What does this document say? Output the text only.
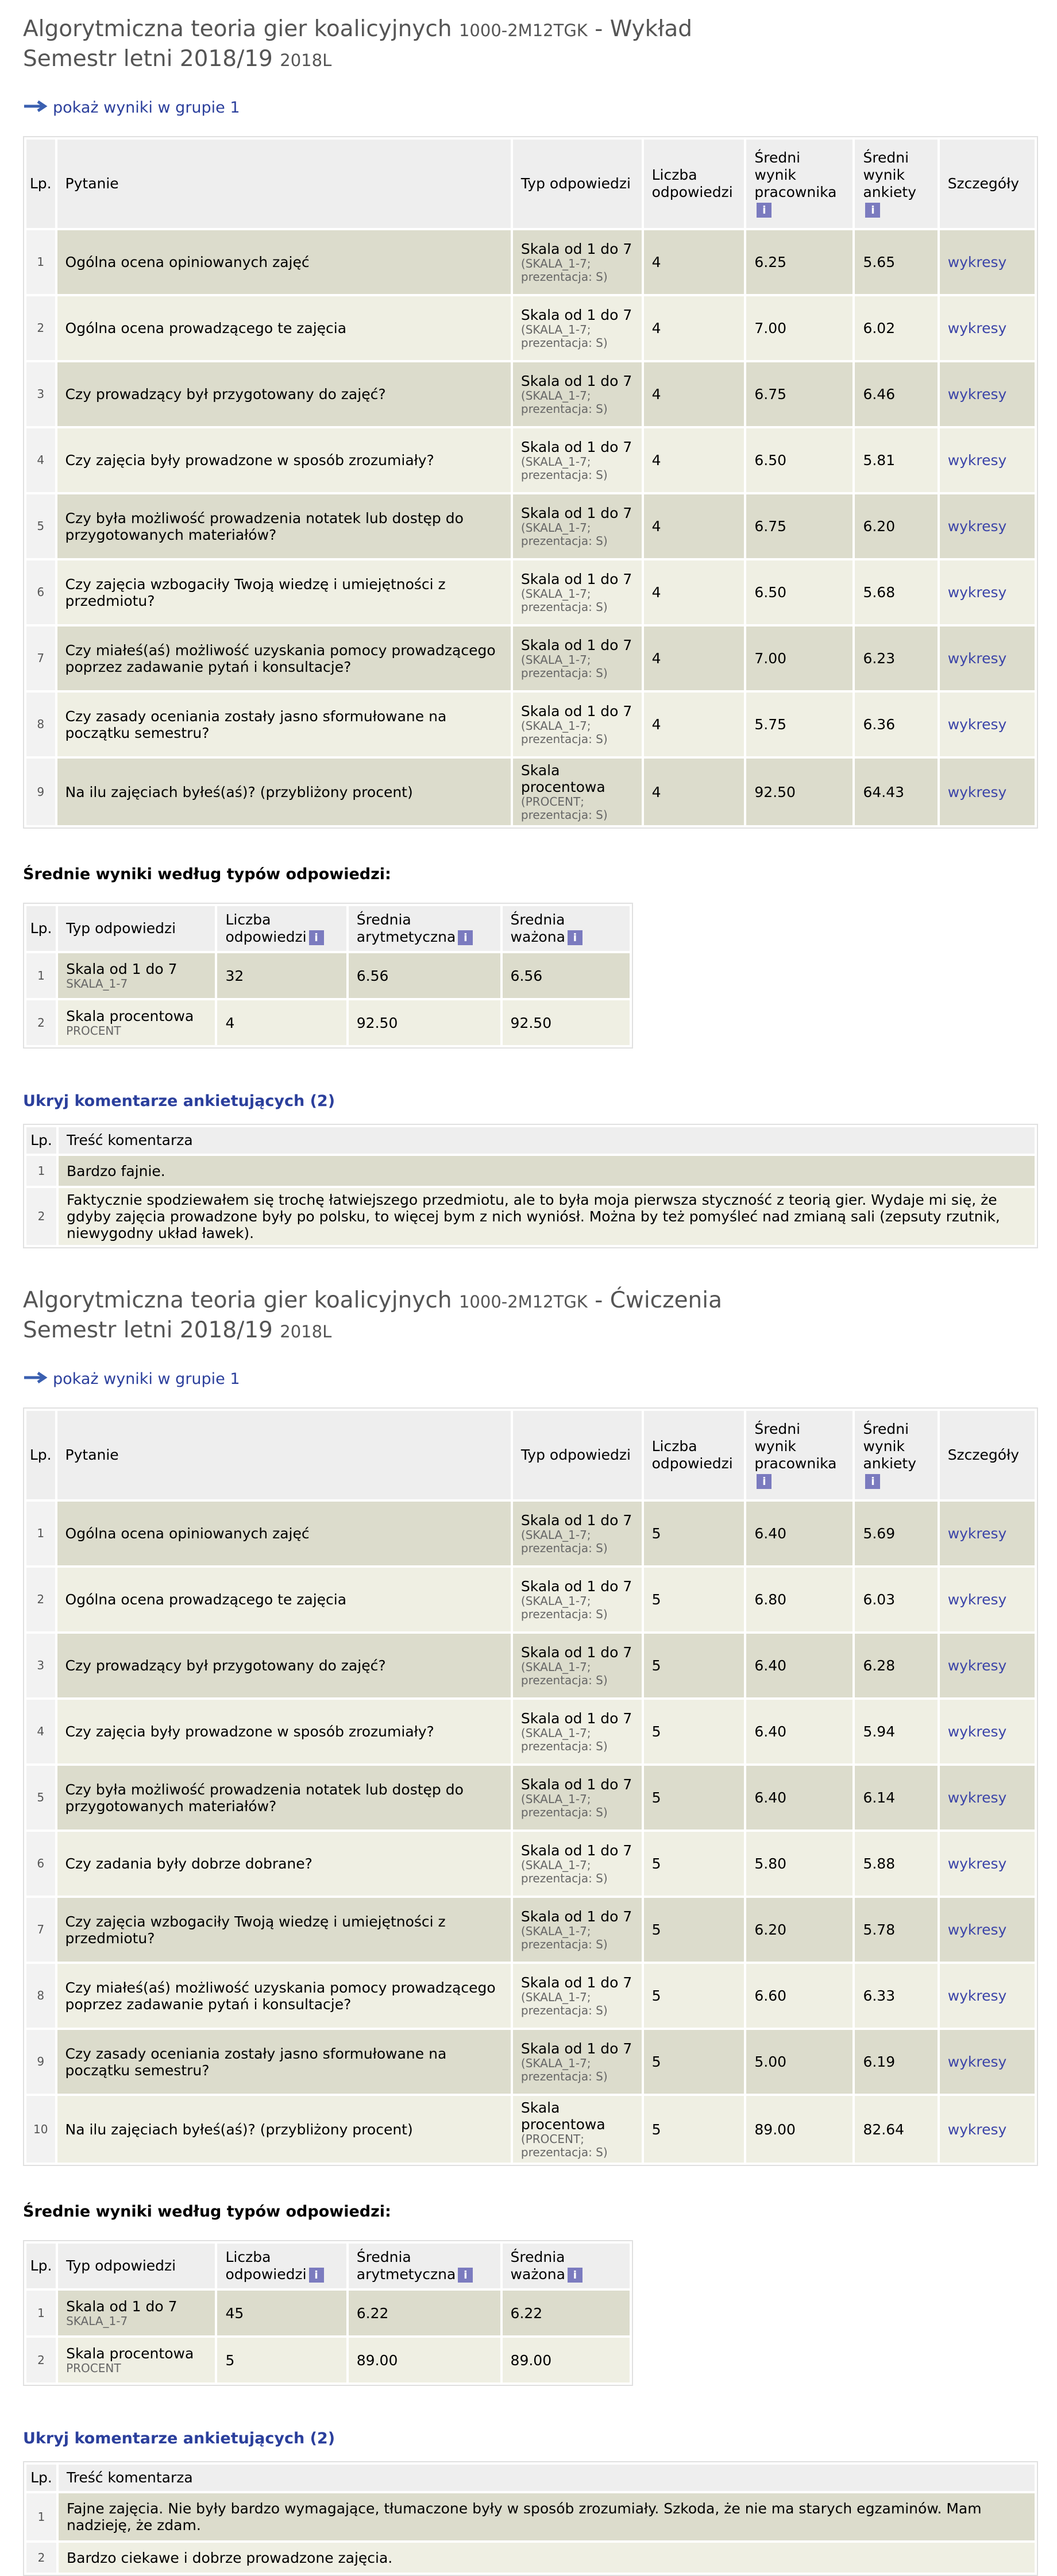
Algorytmiczna teoria gier koalicyjnych 1000-2M12TGK - Wykład
Semestr letni 2018/19 2018L
pokaż wyniki w grupie 1
Lp.	Pytanie	Typ odpowiedzi	Liczba odpowiedzi	Średni wynik pracownika
i	Średni wynik ankiety
i	Szczegóły
1	Ogólna ocena opiniowanych zajęć	Skala od 1 do 7
(SKALA_1-7; prezentacja: S)	4	6.25	5.65	wykresy
2	Ogólna ocena prowadzącego te zajęcia	Skala od 1 do 7
(SKALA_1-7; prezentacja: S)	4	7.00	6.02	wykresy
3	Czy prowadzący był przygotowany do zajęć?	Skala od 1 do 7
(SKALA_1-7; prezentacja: S)	4	6.75	6.46	wykresy
4	Czy zajęcia były prowadzone w sposób zrozumiały?	Skala od 1 do 7
(SKALA_1-7; prezentacja: S)	4	6.50	5.81	wykresy
5	Czy była możliwość prowadzenia notatek lub dostęp do przygotowanych materiałów?	Skala od 1 do 7
(SKALA_1-7; prezentacja: S)	4	6.75	6.20	wykresy
6	Czy zajęcia wzbogaciły Twoją wiedzę i umiejętności z przedmiotu?	Skala od 1 do 7
(SKALA_1-7; prezentacja: S)	4	6.50	5.68	wykresy
7	Czy miałeś(aś) możliwość uzyskania pomocy prowadzącego poprzez zadawanie pytań i konsultacje?	Skala od 1 do 7
(SKALA_1-7; prezentacja: S)	4	7.00	6.23	wykresy
8	Czy zasady oceniania zostały jasno sformułowane na początku semestru?	Skala od 1 do 7
(SKALA_1-7; prezentacja: S)	4	5.75	6.36	wykresy
9	Na ilu zajęciach byłeś(aś)? (przybliżony procent)	Skala procentowa
(PROCENT; prezentacja: S)	4	92.50	64.43	wykresy
Średnie wyniki według typów odpowiedzi:
Lp.	Typ odpowiedzi	Liczba odpowiedzi i	Średnia arytmetyczna i	Średnia ważona i
1	Skala od 1 do 7
SKALA_1-7	32	6.56	6.56
2	Skala procentowa
PROCENT	4	92.50	92.50
Ukryj komentarze ankietujących (2)
Lp.	Treść komentarza
1	Bardzo fajnie.
2	Faktycznie spodziewałem się trochę łatwiejszego przedmiotu, ale to była moja pierwsza styczność z teorią gier. Wydaje mi się, że gdyby zajęcia prowadzone były po polsku, to więcej bym z nich wyniósł. Można by też pomyśleć nad zmianą sali (zepsuty rzutnik, niewygodny układ ławek).
Algorytmiczna teoria gier koalicyjnych 1000-2M12TGK - Ćwiczenia
Semestr letni 2018/19 2018L
pokaż wyniki w grupie 1
Lp.	Pytanie	Typ odpowiedzi	Liczba odpowiedzi	Średni wynik pracownika
i	Średni wynik ankiety
i	Szczegóły
1	Ogólna ocena opiniowanych zajęć	Skala od 1 do 7
(SKALA_1-7; prezentacja: S)	5	6.40	5.69	wykresy
2	Ogólna ocena prowadzącego te zajęcia	Skala od 1 do 7
(SKALA_1-7; prezentacja: S)	5	6.80	6.03	wykresy
3	Czy prowadzący był przygotowany do zajęć?	Skala od 1 do 7
(SKALA_1-7; prezentacja: S)	5	6.40	6.28	wykresy
4	Czy zajęcia były prowadzone w sposób zrozumiały?	Skala od 1 do 7
(SKALA_1-7; prezentacja: S)	5	6.40	5.94	wykresy
5	Czy była możliwość prowadzenia notatek lub dostęp do przygotowanych materiałów?	Skala od 1 do 7
(SKALA_1-7; prezentacja: S)	5	6.40	6.14	wykresy
6	Czy zadania były dobrze dobrane?	Skala od 1 do 7
(SKALA_1-7; prezentacja: S)	5	5.80	5.88	wykresy
7	Czy zajęcia wzbogaciły Twoją wiedzę i umiejętności z przedmiotu?	Skala od 1 do 7
(SKALA_1-7; prezentacja: S)	5	6.20	5.78	wykresy
8	Czy miałeś(aś) możliwość uzyskania pomocy prowadzącego poprzez zadawanie pytań i konsultacje?	Skala od 1 do 7
(SKALA_1-7; prezentacja: S)	5	6.60	6.33	wykresy
9	Czy zasady oceniania zostały jasno sformułowane na początku semestru?	Skala od 1 do 7
(SKALA_1-7; prezentacja: S)	5	5.00	6.19	wykresy
10	Na ilu zajęciach byłeś(aś)? (przybliżony procent)	Skala procentowa
(PROCENT; prezentacja: S)	5	89.00	82.64	wykresy
Średnie wyniki według typów odpowiedzi:
Lp.	Typ odpowiedzi	Liczba odpowiedzi i	Średnia arytmetyczna i	Średnia ważona i
1	Skala od 1 do 7
SKALA_1-7	45	6.22	6.22
2	Skala procentowa
PROCENT	5	89.00	89.00
Ukryj komentarze ankietujących (2)
Lp.	Treść komentarza
1	Fajne zajęcia. Nie były bardzo wymagające, tłumaczone były w sposób zrozumiały. Szkoda, że nie ma starych egzaminów. Mam nadzieję, że zdam.
2	Bardzo ciekawe i dobrze prowadzone zajęcia.
